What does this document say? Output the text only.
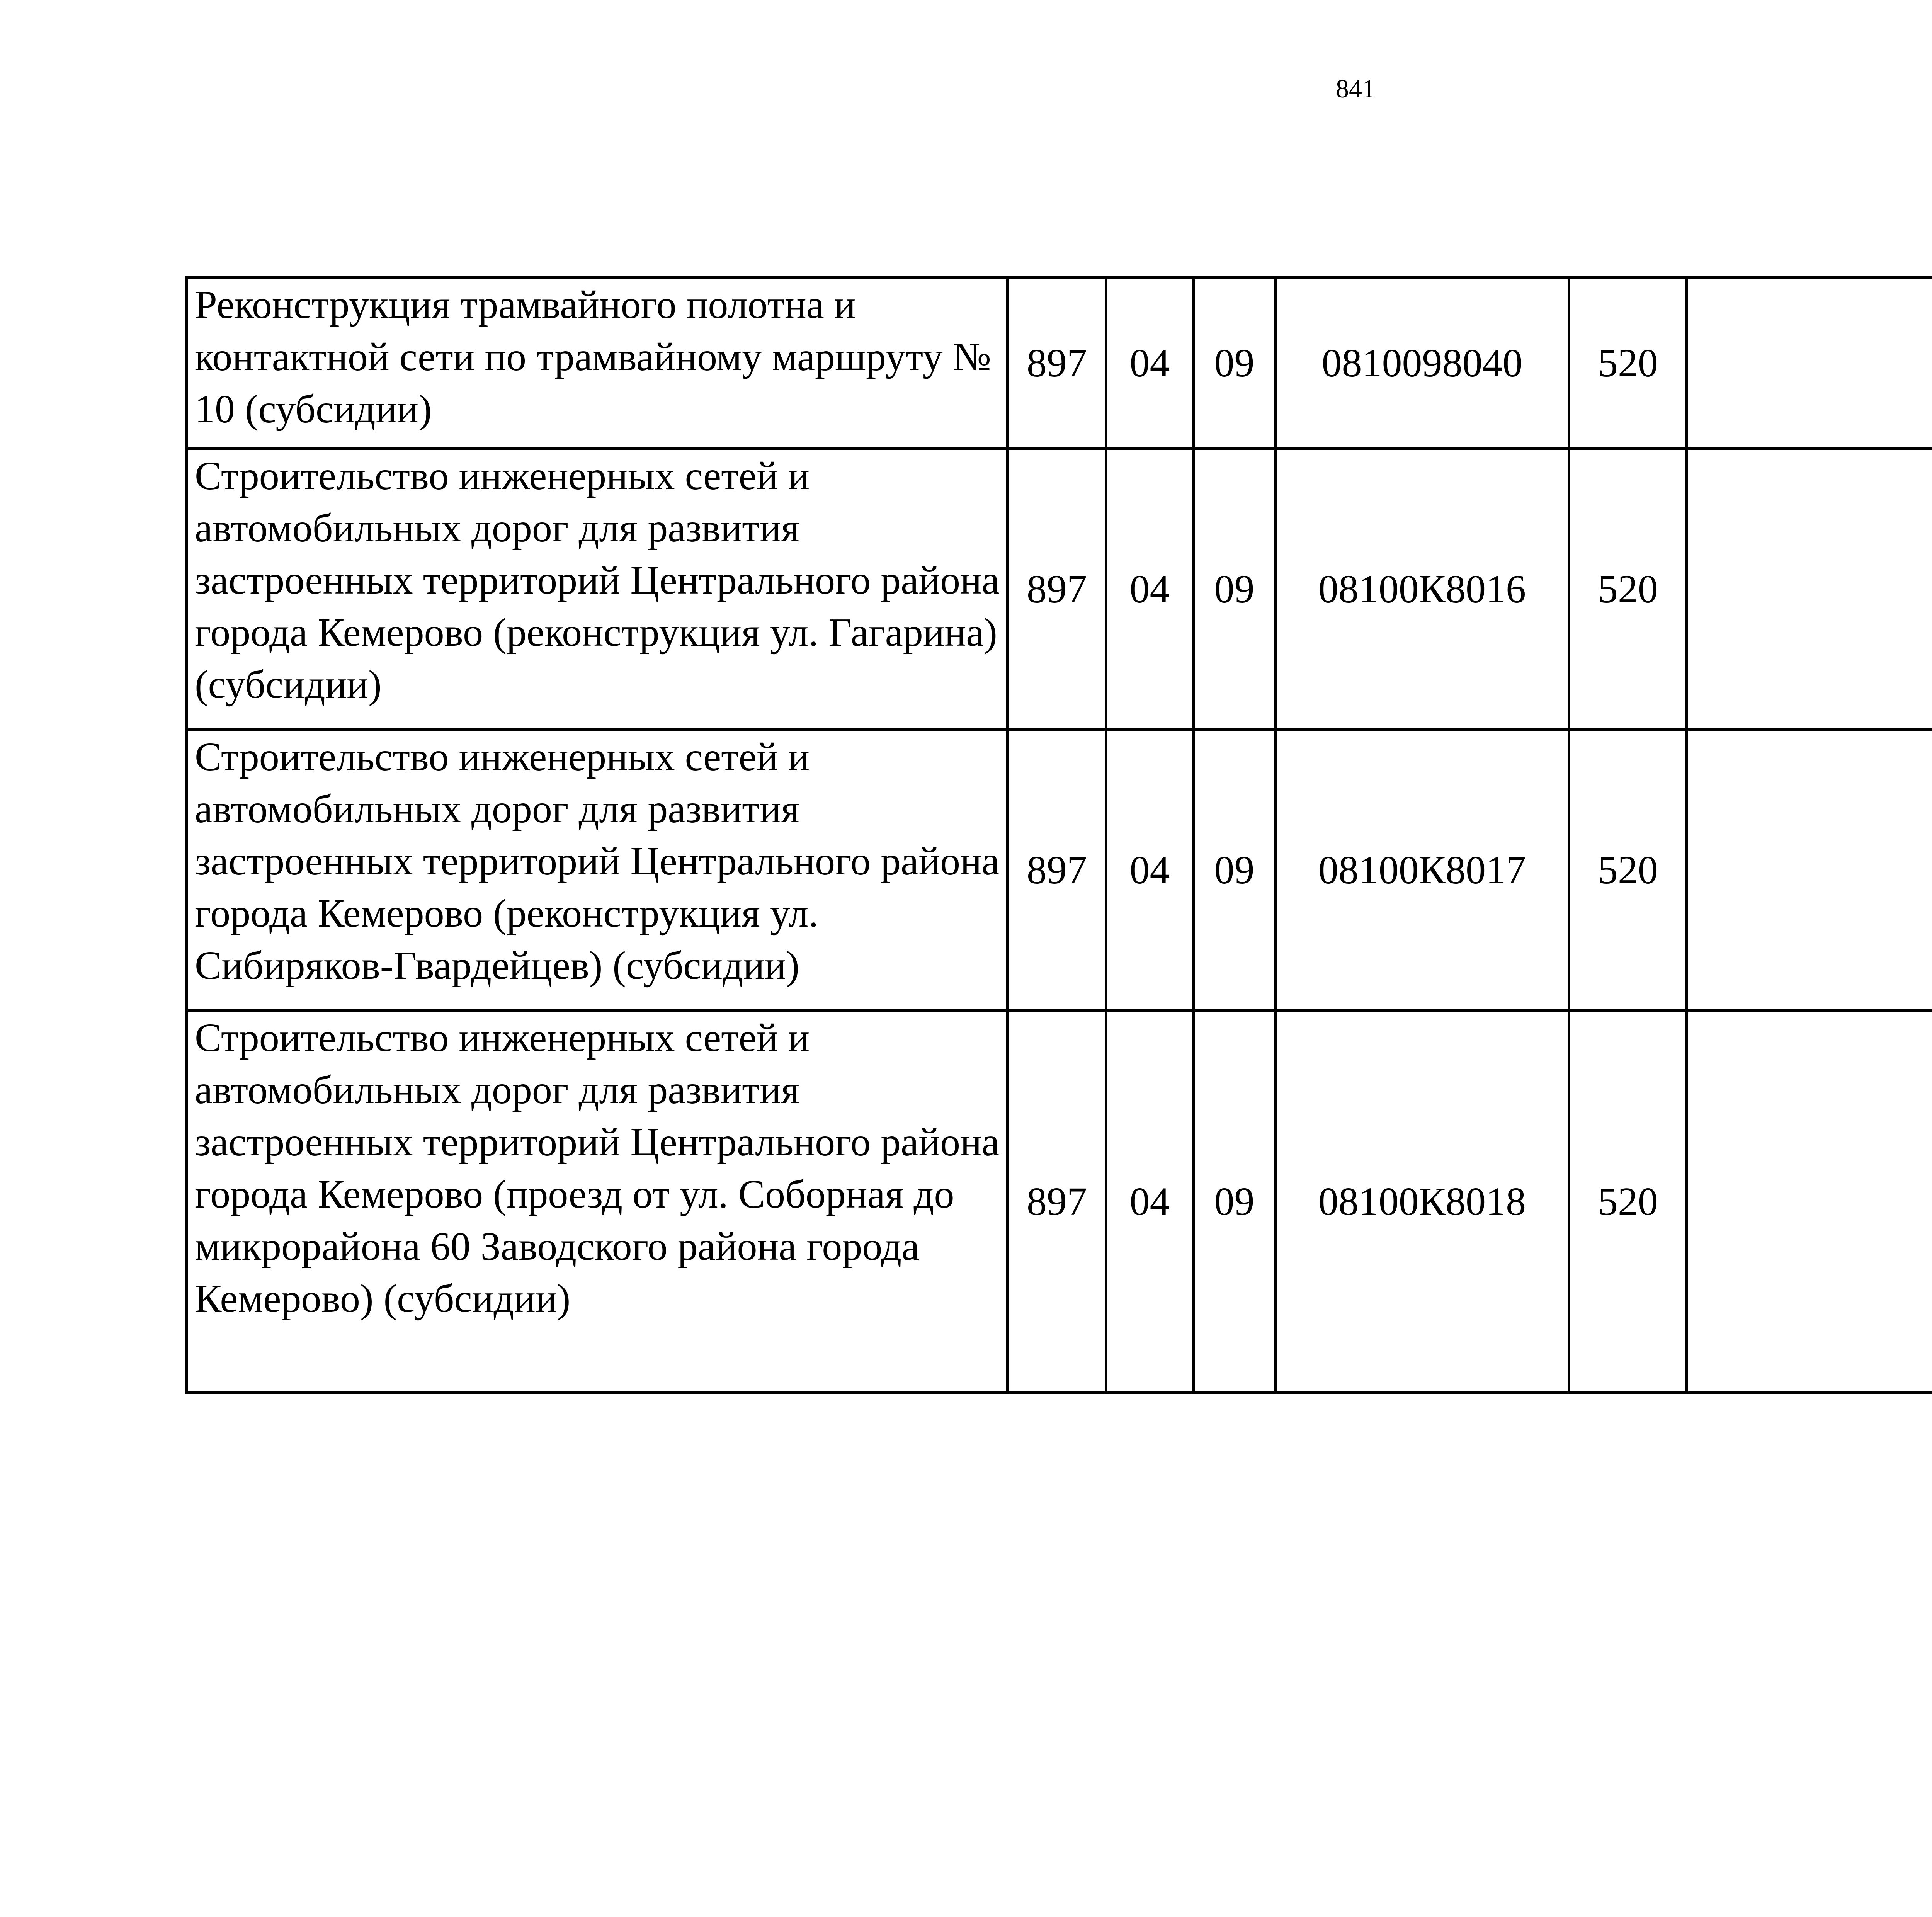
841
Реконструкция трамвайного полотна и контактной сети по трамвайному маршруту № 10 (субсидии)	897	04	09	0810098040	520			
Строительство инженерных сетей и автомобильных дорог для развития застроенных территорий Центрального района города Кемерово (реконструкция ул. Гагарина) (субсидии)	897	04	09	08100К8016	520			
Строительство инженерных сетей и автомобильных дорог для развития застроенных территорий Центрального района города Кемерово (реконструкция ул. Сибиряков-Гвардейцев) (субсидии)	897	04	09	08100К8017	520			
Строительство инженерных сетей и автомобильных дорог для развития застроенных территорий Центрального района города Кемерово (проезд от ул. Соборная до микрорайона 60 Заводского района города Кемерово) (субсидии)	897	04	09	08100К8018	520			
